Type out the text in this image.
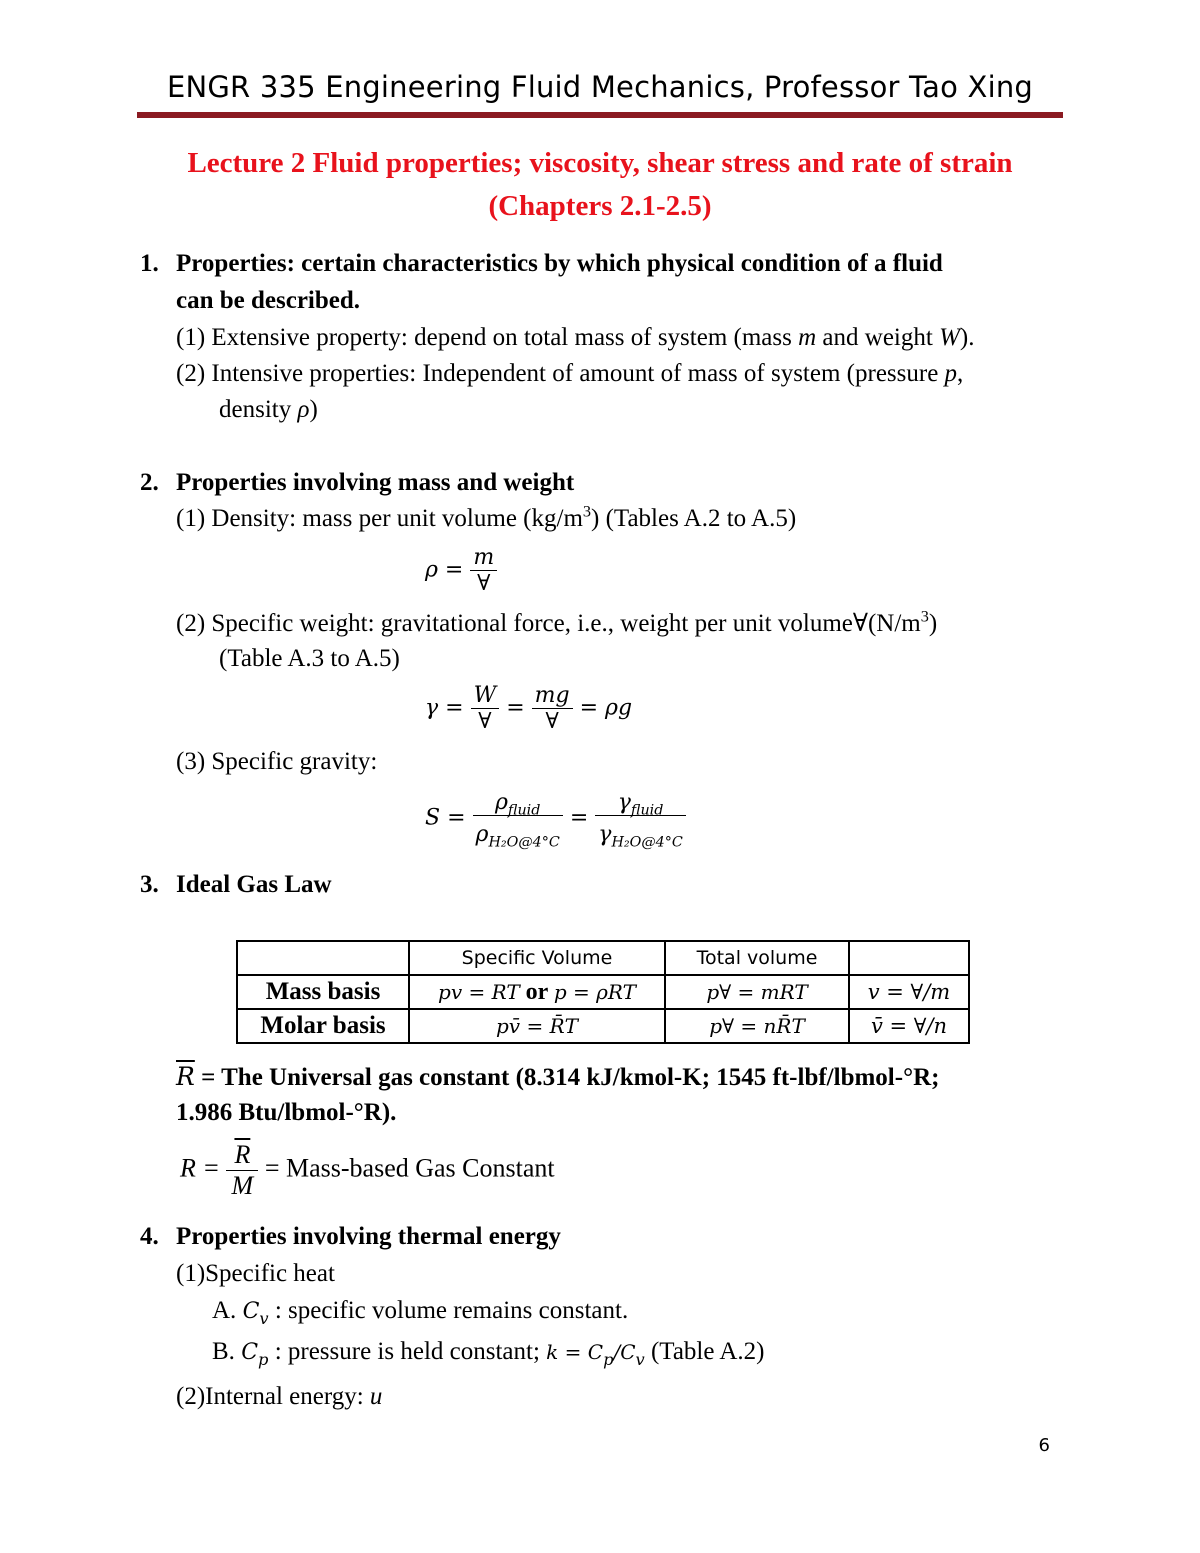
ENGR 335 Engineering Fluid Mechanics, Professor Tao Xing
Lecture 2 Fluid properties; viscosity, shear stress and rate of strain
(Chapters 2.1-2.5)
1. Properties: certain characteristics by which physical condition of a fluid
can be described.
(1) Extensive property: depend on total mass of system (mass m and weight W).
(2) Intensive properties: Independent of amount of mass of system (pressure p,
density ρ)
2. Properties involving mass and weight
(1) Density: mass per unit volume $(kg/m^3)$ (Tables A.2 to A.5)
$\rho = \frac{m}{\forall}$
(2) Specific weight: gravitational force, i.e., weight per unit $volume\forall(N/m^3)$
(Table A.3 to A.5)
$\gamma = \frac{W}{\forall} = \frac{mg}{\forall} = \rho g$
(3) Specific gravity:
$S = \frac{\rho_{fluid}}{\rho_{H_2O@4^\circ C}} = \frac{\gamma_{fluid}}{\gamma_{H_2O@4^\circ C}}$
3. Ideal Gas Law
	Specific Volume	Total volume	
Mass basis	pv = RT or p = ρRT	p∀ = mRT	v = ∀/m
Molar basis	pv̄ = R̄T	p∀ = nR̄T	v̄ = ∀/n
$\overline{R}$ = The Universal gas constant (8.314 kJ/kmol-K; 1545 ft-lbf/lbmol-°R;
1.986 Btu/lbmol-°R).
$R = \frac{\overline{R}}{M}$ = Mass-based Gas Constant
4. Properties involving thermal energy
(1)Specific heat
A. $C_v$ : specific volume remains constant.
B. $C_p$ : pressure is held constant; $k = C_p/C_v$ (Table A.2)
(2)Internal energy: u
6
